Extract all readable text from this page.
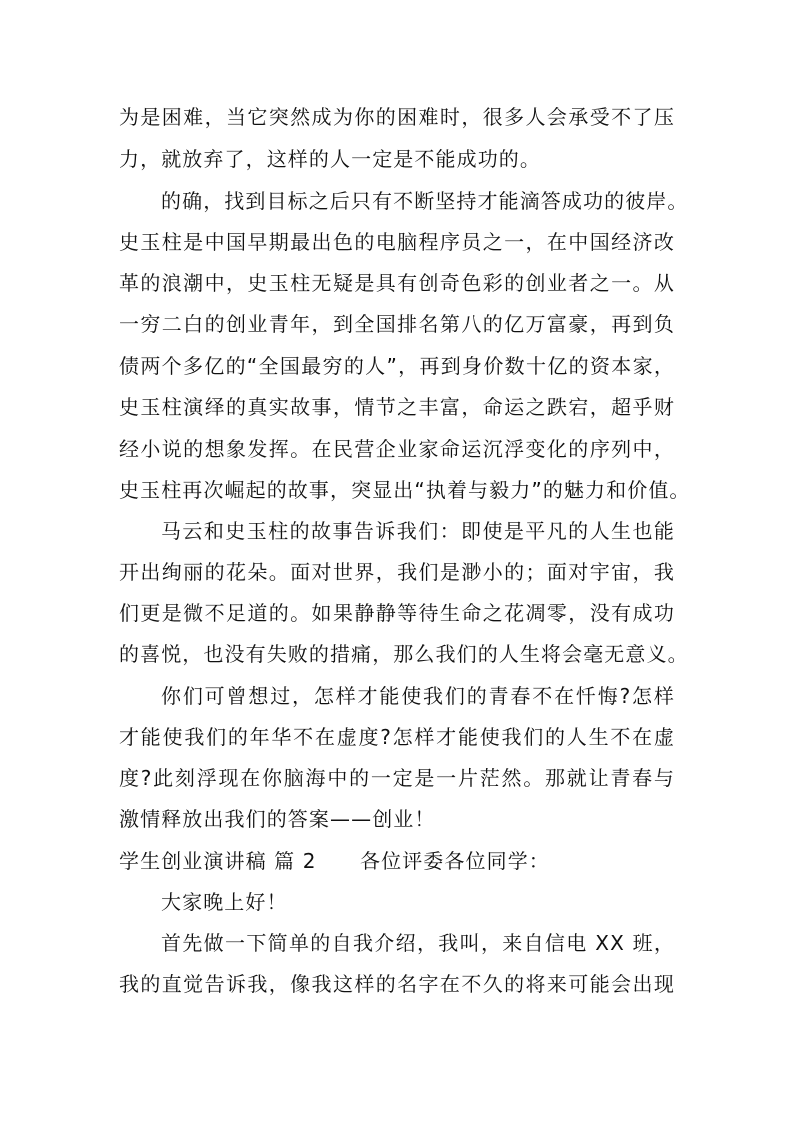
为是困难，当它突然成为你的困难时，很多人会承受不了压
力，就放弃了，这样的人一定是不能成功的。
的确，找到目标之后只有不断坚持才能滴答成功的彼岸。
史玉柱是中国早期最出色的电脑程序员之一，在中国经济改
革的浪潮中，史玉柱无疑是具有创奇色彩的创业者之一。从
一穷二白的创业青年，到全国排名第八的亿万富豪，再到负
债两个多亿的“全国最穷的人”，再到身价数十亿的资本家，
史玉柱演绎的真实故事，情节之丰富，命运之跌宕，超乎财
经小说的想象发挥。在民营企业家命运沉浮变化的序列中，
史玉柱再次崛起的故事，突显出“执着与毅力”的魅力和价值。
马云和史玉柱的故事告诉我们：即使是平凡的人生也能
开出绚丽的花朵。面对世界，我们是渺小的；面对宇宙，我
们更是微不足道的。如果静静等待生命之花凋零，没有成功
的喜悦，也没有失败的措痛，那么我们的人生将会毫无意义。
你们可曾想过，怎样才能使我们的青春不在忏悔?怎样
才能使我们的年华不在虚度?怎样才能使我们的人生不在虚
度?此刻浮现在你脑海中的一定是一片茫然。那就让青春与
激情释放出我们的答案——创业！
学生创业演讲稿 篇 2 各位评委各位同学：
大家晚上好！
首先做一下简单的自我介绍，我叫，来自信电 XX 班，
我的直觉告诉我，像我这样的名字在不久的将来可能会出现
